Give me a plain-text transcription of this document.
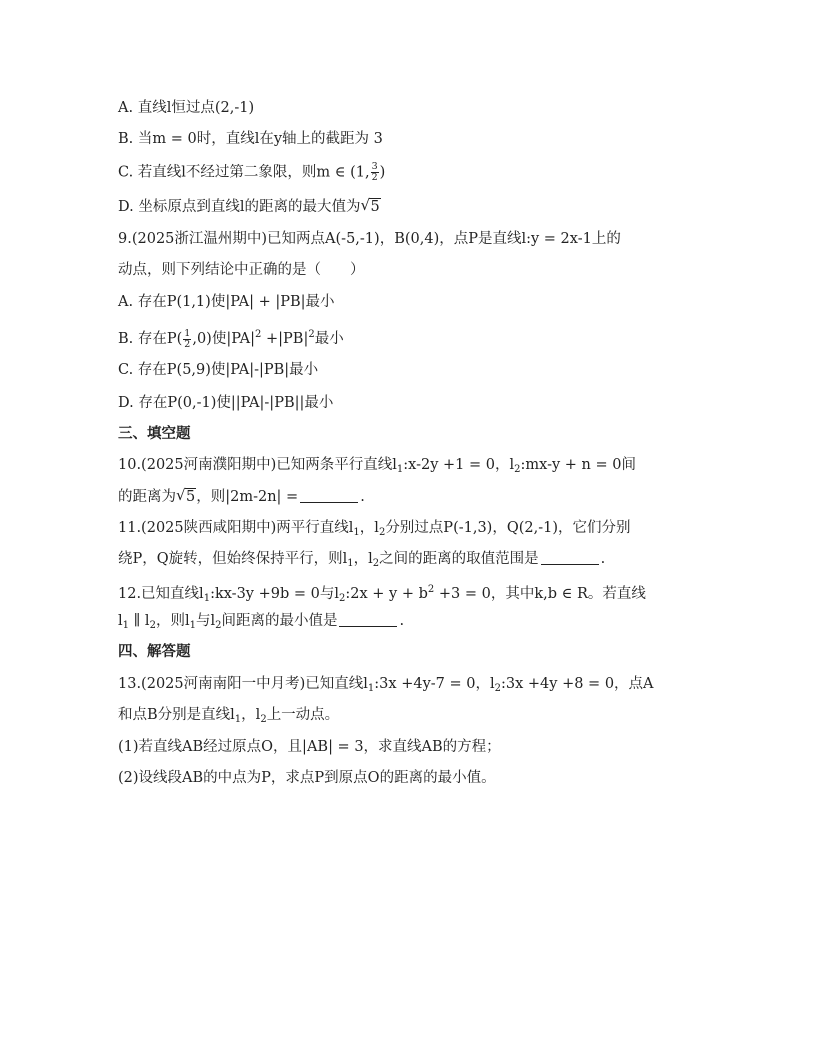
A. 直线l恒过点(2,-1)
B. 当m = 0时，直线l在y轴上的截距为 3
C. 若直线l不经过第二象限，则m ∈ (1, $\frac{3}{2}$ )
D. 坐标原点到直线l的距离的最大值为 √ 5
9.(2025浙江温州期中)已知两点A(-5,-1)，B(0,4)，点P是直线l:y = 2x-1上的
动点，则下列结论中正确的是（　　）
A. 存在P(1,1)使|PA| + |PB|最小
B. 存在$P( \frac{1}{2} ,0)$使$|PA|^2 +|PB|^2$最小
C. 存在P(5,9)使|PA|-|PB|最小
D. 存在P(0,-1)使||PA|-|PB||最小
三、填空题
10.(2025河南濮阳期中)已知两条平行直线$l_1:x-2y +1 = 0$，$l_2:mx-y + n = 0$间
的距离为 √ 5，则|2m-2n| =	.
11.(2025陕西咸阳期中)两平行直线$l_1$，$l_2$分别过点P(-1,3)，Q(2,-1)，它们分别
绕P，Q旋转，但始终保持平行，则$l_1$，$l_2$之间的距离的取值范围是	.
12.已知直线$l_1:kx-3y +9b = 0$与$l_2:2x + y + b^2 +3 = 0$，其中k,b ∈ R。若直线
$l_1$ ∥ $l_2$，则$l_1$与$l_2$间距离的最小值是	.
四、解答题
13.(2025河南南阳一中月考)已知直线$l_1:3x +4y-7 = 0$，$l_2:3x +4y +8 = 0$，点A
和点B分别是直线$l_1$，$l_2$上一动点。
(1)若直线AB经过原点O，且|AB| = 3，求直线AB的方程；
(2)设线段AB的中点为P，求点P到原点O的距离的最小值。
